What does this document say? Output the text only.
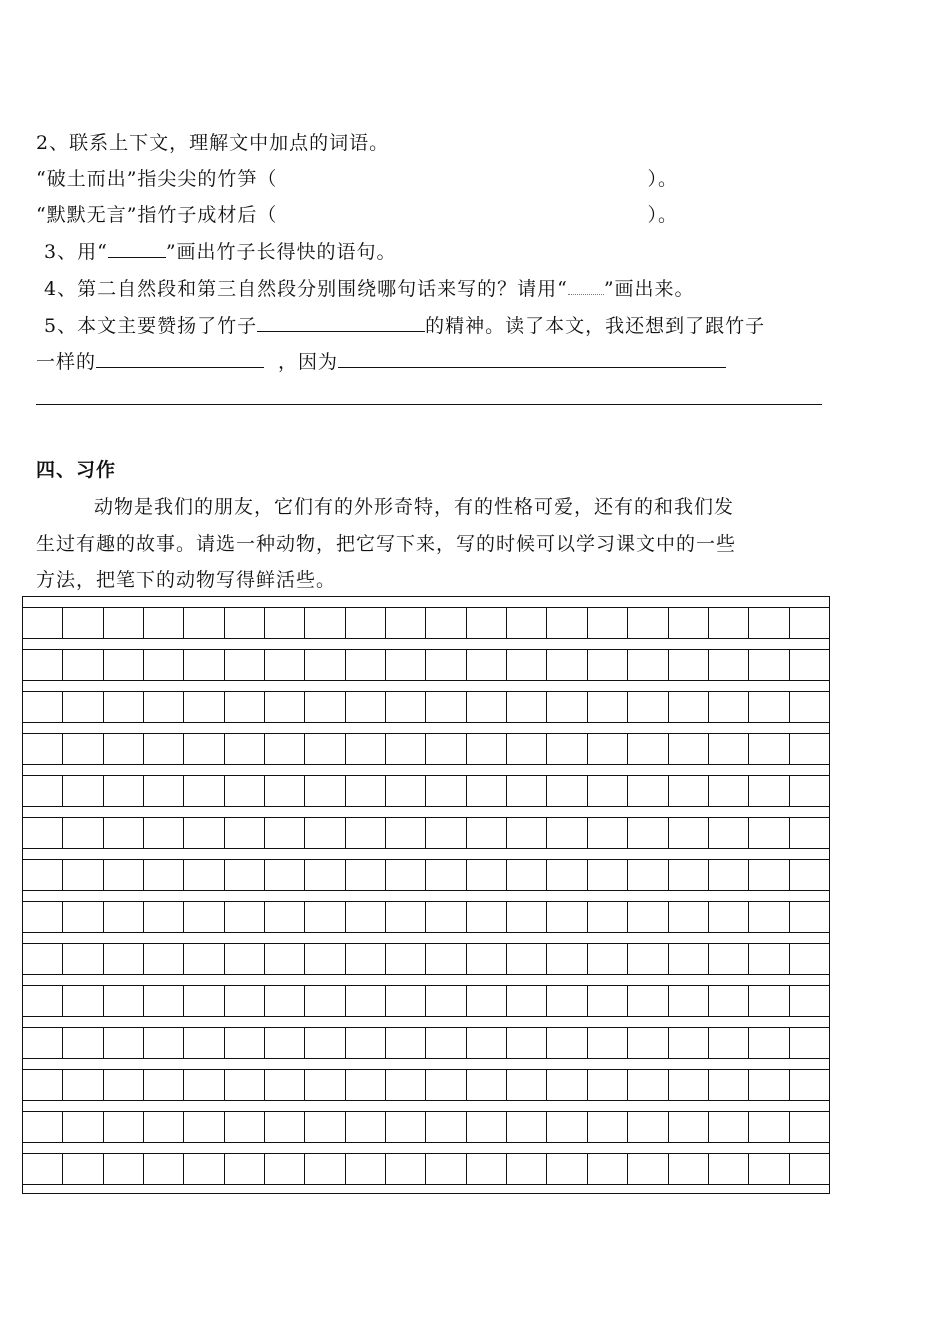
2、联系上下文，理解文中加点的词语。
“破土而出”指尖尖的竹笋（	）。
“默默无言”指竹子成材后（	）。
3、用“	”画出竹子长得快的语句。
4、第二自然段和第三自然段分别围绕哪句话来写的？请用“ ”画出来。
5、本文主要赞扬了竹子	的精神。读了本文，我还想到了跟竹子
一样的	，因为
四、习作
动物是我们的朋友，它们有的外形奇特，有的性格可爱，还有的和我们发
生过有趣的故事。请选一种动物，把它写下来，写的时候可以学习课文中的一些
方法，把笔下的动物写得鲜活些。
